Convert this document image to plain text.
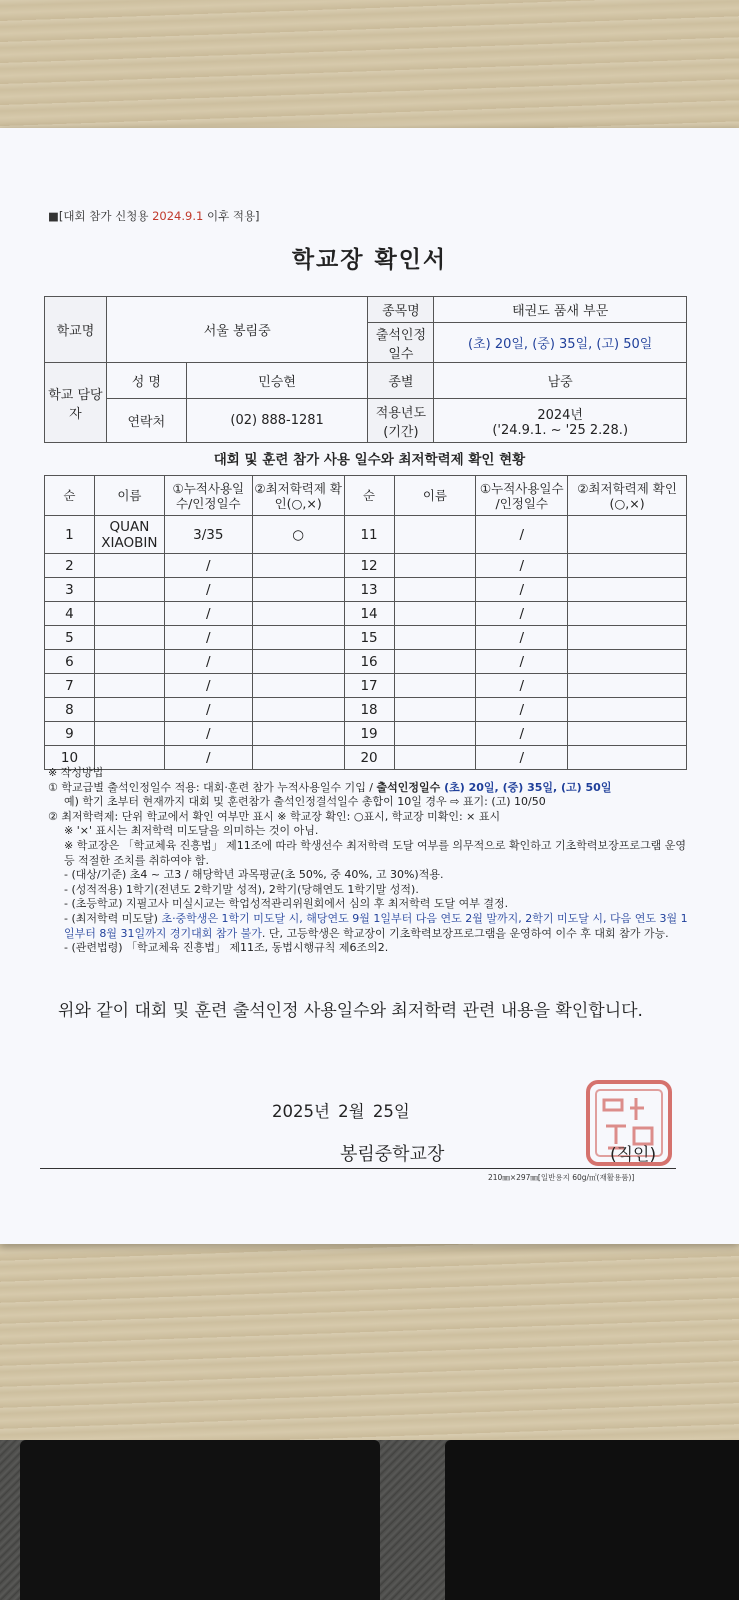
■[대회 참가 신청용 2024.9.1 이후 적용]
학교장 확인서
학교명	서울 봉림중		종목명	태권도 품새 부문
			출석인정 일수	(초) 20일, (중) 35일, (고) 50일
학교 담당자	성 명	민승현	종별	남중
	연락처	(02) 888-1281	적용년도 (기간)	2024년
('24.9.1. ~ '25 2.28.)
대회 및 훈련 참가 사용 일수와 최저학력제 확인 현황
순	이름	①누적사용일수/인정일수	②최저학력제 확인(○,×)	순	이름	①누적사용일수 /인정일수	②최저학력제 확인(○,×)
1	QUAN XIAOBIN	3/35	○	11		/	
2		/		12		/	
3		/		13		/	
4		/		14		/	
5		/		15		/	
6		/		16		/	
7		/		17		/	
8		/		18		/	
9		/		19		/	
10		/		20		/	
※ 작성방법
① 학교급별 출석인정일수 적용: 대회·훈련 참가 누적사용일수 기입 / 출석인정일수 (초) 20일, (중) 35일, (고) 50일
예) 학기 초부터 현재까지 대회 및 훈련참가 출석인정결석일수 총합이 10일 경우 ⇨ 표기: (고) 10/50
② 최저학력제: 단위 학교에서 확인 여부만 표시 ※ 학교장 확인: ○표시, 학교장 미확인: × 표시
※ '×' 표시는 최저학력 미도달을 의미하는 것이 아님.
※ 학교장은 「학교체육 진흥법」 제11조에 따라 학생선수 최저학력 도달 여부를 의무적으로 확인하고 기초학력보장프로그램 운영 등 적절한 조치를 취하여야 함.
- (대상/기준) 초4 ~ 고3 / 해당학년 과목평균(초 50%, 중 40%, 고 30%)적용.
- (성적적용) 1학기(전년도 2학기말 성적), 2학기(당해연도 1학기말 성적).
- (초등학교) 지필고사 미실시교는 학업성적관리위원회에서 심의 후 최저학력 도달 여부 결정.
- (최저학력 미도달) 초·중학생은 1학기 미도달 시, 해당연도 9월 1일부터 다음 연도 2월 말까지, 2학기 미도달 시, 다음 연도 3월 1일부터 8월 31일까지 경기대회 참가 불가. 단, 고등학생은 학교장이 기초학력보장프로그램을 운영하여 이수 후 대회 참가 가능.
- (관련법령) 「학교체육 진흥법」 제11조, 동법시행규칙 제6조의2.
위와 같이 대회 및 훈련 출석인정 사용일수와 최저학력 관련 내용을 확인합니다.
2025년 2월 25일
봉림중학교장	(직인)
210㎜×297㎜[일반용지 60g/㎡(재활용품)]
